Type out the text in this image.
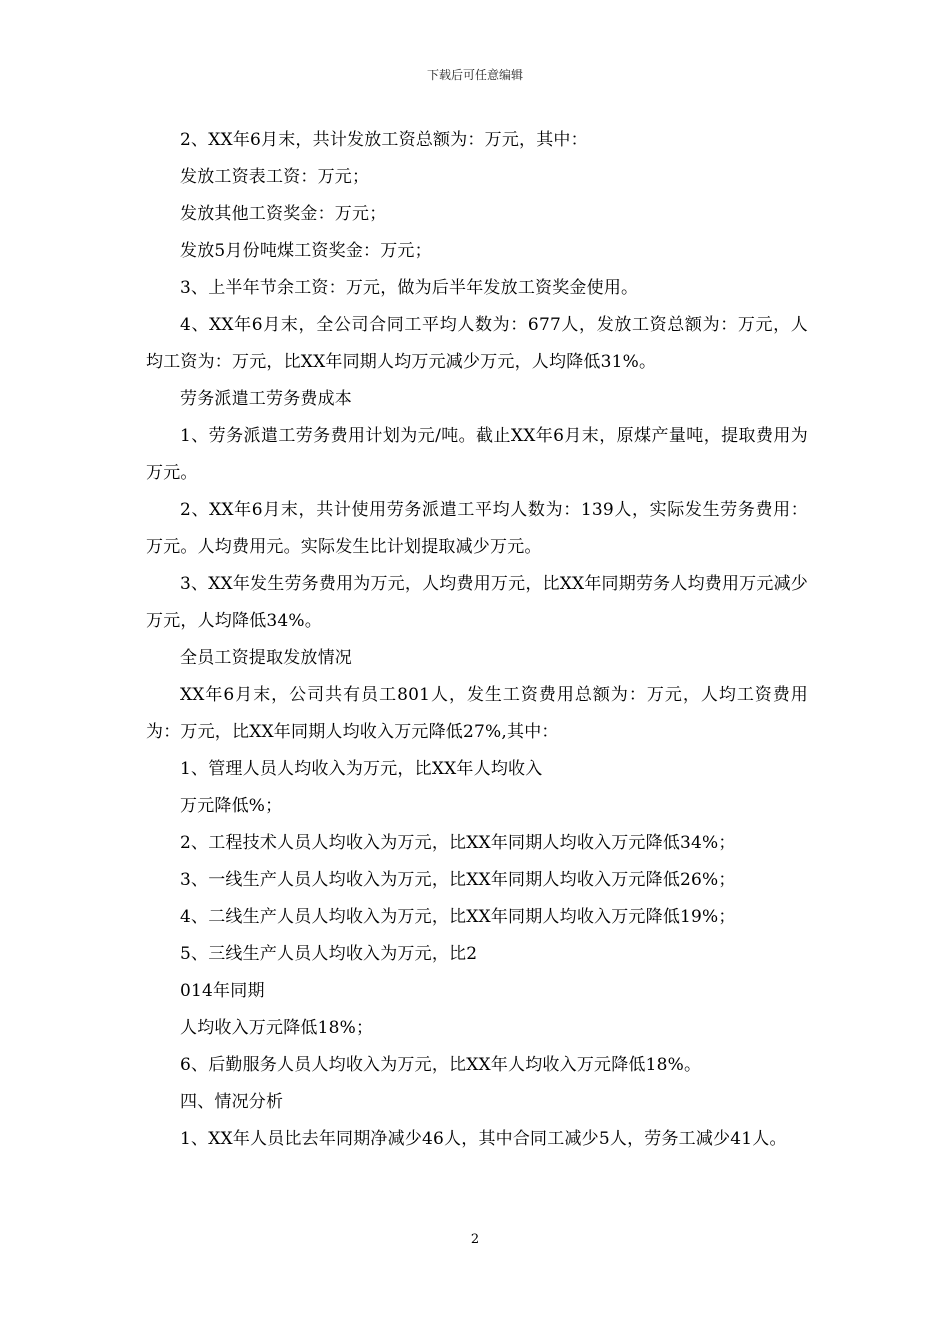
下载后可任意编辑

2、XX年6月末，共计发放工资总额为：万元，其中：

发放工资表工资：万元；

发放其他工资奖金：万元；

发放5月份吨煤工资奖金：万元；

3、上半年节余工资：万元，做为后半年发放工资奖金使用。

4、XX年6月末，全公司合同工平均人数为：677人，发放工资总额为：万元，人均工资为：万元，比XX年同期人均万元减少万元，人均降低31%。

劳务派遣工劳务费成本

1、劳务派遣工劳务费用计划为元/吨。截止XX年6月末，原煤产量吨，提取费用为万元。

2、XX年6月末，共计使用劳务派遣工平均人数为：139人，实际发生劳务费用：万元。人均费用元。实际发生比计划提取减少万元。

3、XX年发生劳务费用为万元，人均费用万元，比XX年同期劳务人均费用万元减少万元，人均降低34%。

全员工资提取发放情况

XX年6月末，公司共有员工801人，发生工资费用总额为：万元，人均工资费用为：万元，比XX年同期人均收入万元降低27%,其中：

1、管理人员人均收入为万元，比XX年人均收入

万元降低%；

2、工程技术人员人均收入为万元，比XX年同期人均收入万元降低34%；

3、一线生产人员人均收入为万元，比XX年同期人均收入万元降低26%；

4、二线生产人员人均收入为万元，比XX年同期人均收入万元降低19%；

5、三线生产人员人均收入为万元，比2

014年同期

人均收入万元降低18%；

6、后勤服务人员人均收入为万元，比XX年人均收入万元降低18%。

四、情况分析

1、XX年人员比去年同期净减少46人，其中合同工减少5人，劳务工减少41人。

2
